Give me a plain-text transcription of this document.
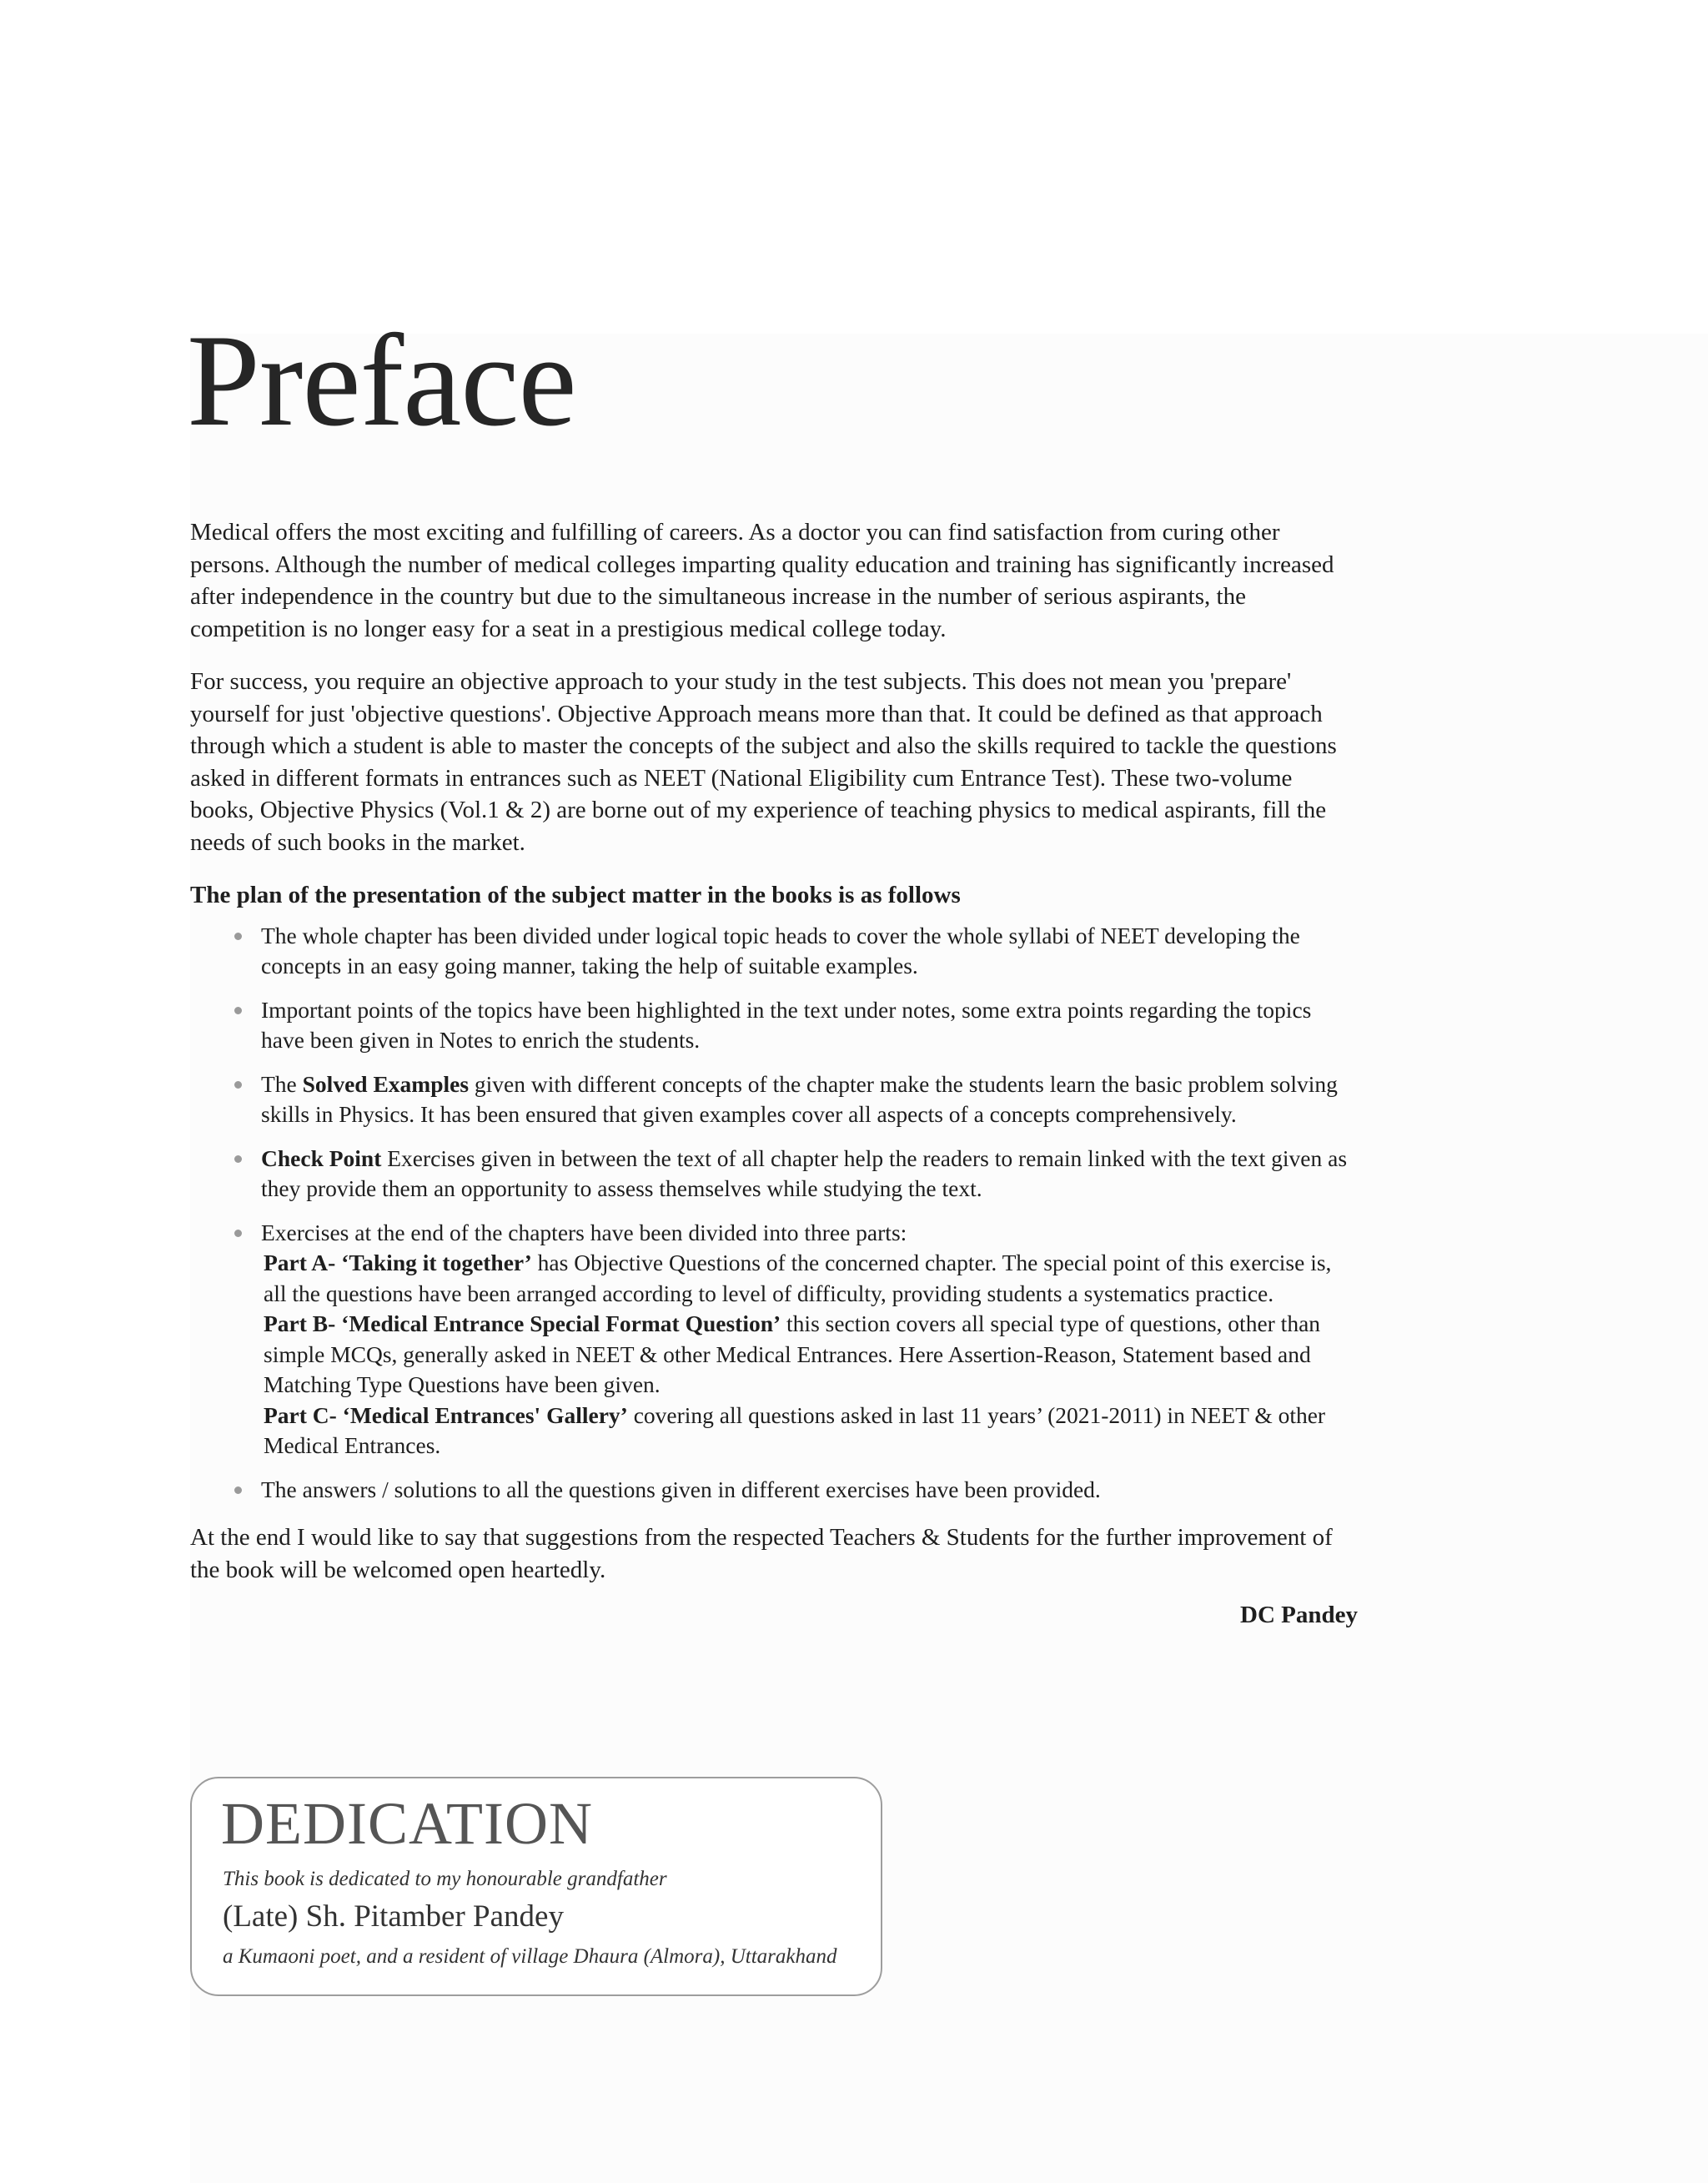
Preface

Medical offers the most exciting and fulfilling of careers. As a doctor you can find satisfaction from curing other persons. Although the number of medical colleges imparting quality education and training has significantly increased after independence in the country but due to the simultaneous increase in the number of serious aspirants, the competition is no longer easy for a seat in a prestigious medical college today.

For success, you require an objective approach to your study in the test subjects. This does not mean you 'prepare' yourself for just 'objective questions'. Objective Approach means more than that. It could be defined as that approach through which a student is able to master the concepts of the subject and also the skills required to tackle the questions asked in different formats in entrances such as NEET (National Eligibility cum Entrance Test). These two-volume books, Objective Physics (Vol.1 & 2) are borne out of my experience of teaching physics to medical aspirants, fill the needs of such books in the market.

The plan of the presentation of the subject matter in the books is as follows

The whole chapter has been divided under logical topic heads to cover the whole syllabi of NEET developing the concepts in an easy going manner, taking the help of suitable examples.
Important points of the topics have been highlighted in the text under notes, some extra points regarding the topics have been given in Notes to enrich the students.
The Solved Examples given with different concepts of the chapter make the students learn the basic problem solving skills in Physics. It has been ensured that given examples cover all aspects of a concepts comprehensively.
Check Point Exercises given in between the text of all chapter help the readers to remain linked with the text given as they provide them an opportunity to assess themselves while studying the text.
Exercises at the end of the chapters have been divided into three parts:
Part A- ‘Taking it together’ has Objective Questions of the concerned chapter. The special point of this exercise is, all the questions have been arranged according to level of difficulty, providing students a systematics practice.
Part B- ‘Medical Entrance Special Format Question’ this section covers all special type of questions, other than simple MCQs, generally asked in NEET & other Medical Entrances. Here Assertion-Reason, Statement based and Matching Type Questions have been given.
Part C- ‘Medical Entrances' Gallery’ covering all questions asked in last 11 years’ (2021-2011) in NEET & other Medical Entrances.
The answers / solutions to all the questions given in different exercises have been provided.

At the end I would like to say that suggestions from the respected Teachers & Students for the further improvement of the book will be welcomed open heartedly.

DC Pandey

DEDICATION
This book is dedicated to my honourable grandfather
(Late) Sh. Pitamber Pandey
a Kumaoni poet, and a resident of village Dhaura (Almora), Uttarakhand
